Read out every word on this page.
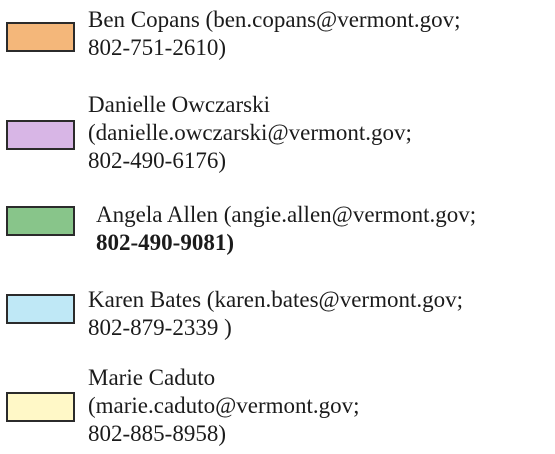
Ben Copans (ben.copans@vermont.gov;
802-751-2610)
Danielle Owczarski
(danielle.owczarski@vermont.gov;
802-490-6176)
Angela Allen (angie.allen@vermont.gov;
802-490-9081)
Karen Bates (karen.bates@vermont.gov;
802-879-2339 )
Marie Caduto
(marie.caduto@vermont.gov;
802-885-8958)
